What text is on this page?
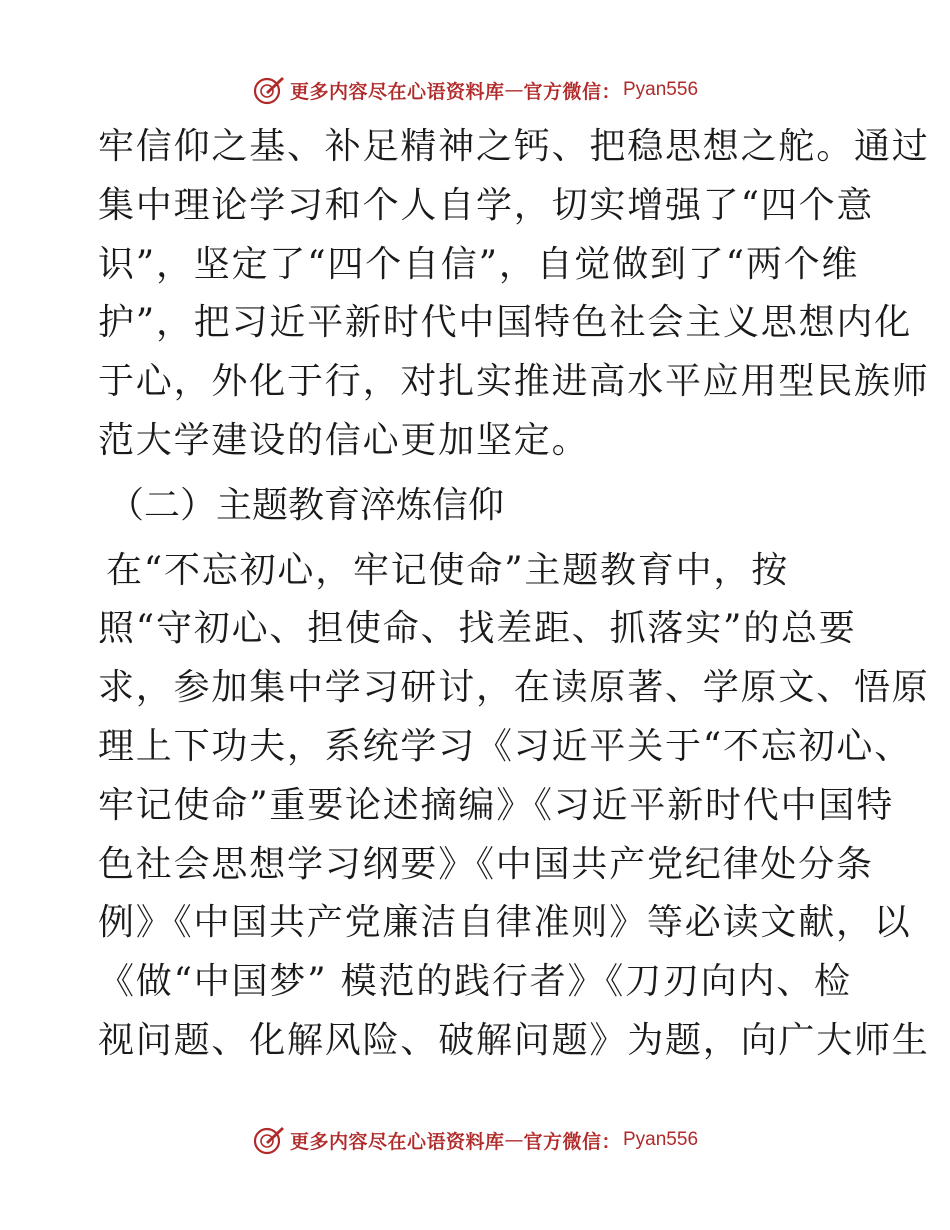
更多内容尽在心语资料库 — 官方微信： Pyan556
牢信仰之基、补足精神之钙、把稳思想之舵。通过
集中理论学习和个人自学，切实增强了“四个意
识”，坚定了“四个自信”，自觉做到了“两个维
护”，把习近平新时代中国特色社会主义思想内化
于心，外化于行，对扎实推进高水平应用型民族师
范大学建设的信心更加坚定。
（二）主题教育淬炼信仰
在“不忘初心，牢记使命”主题教育中，按
照“守初心、担使命、找差距、抓落实”的总要
求，参加集中学习研讨，在读原著、学原文、悟原
理上下功夫，系统学习《习近平关于“不忘初心、
牢记使命”重要论述摘编》《习近平新时代中国特
色社会思想学习纲要》《中国共产党纪律处分条
例》《中国共产党廉洁自律准则》等必读文献，以
《做“中国梦” 模范的践行者》《刀刃向内、检
视问题、化解风险、破解问题》为题，向广大师生
更多内容尽在心语资料库 — 官方微信： Pyan556
